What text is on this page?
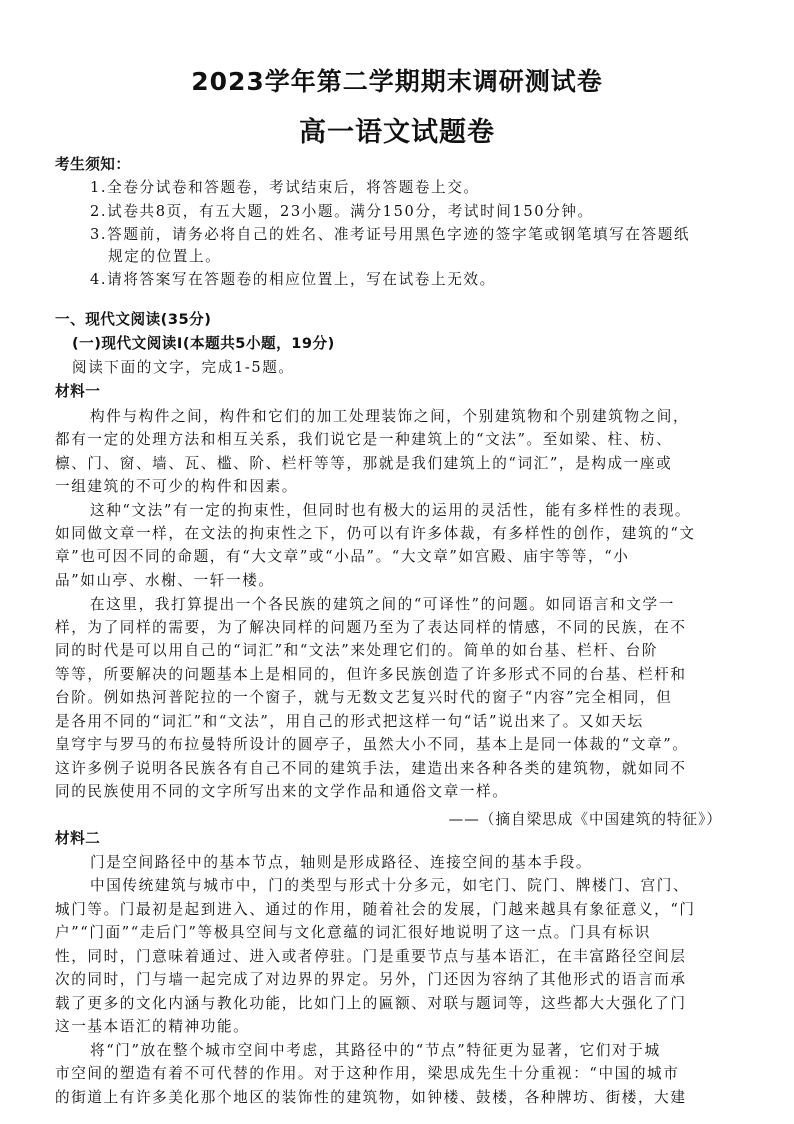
2023学年第二学期期末调研测试卷
高一语文试题卷
考生须知：
1.全卷分试卷和答题卷，考试结束后，将答题卷上交。
2.试卷共8页，有五大题，23小题。满分150分，考试时间150分钟。
3.答题前，请务必将自己的姓名、准考证号用黑色字迹的签字笔或钢笔填写在答题纸
规定的位置上。
4.请将答案写在答题卷的相应位置上，写在试卷上无效。
一、现代文阅读(35分)
(一)现代文阅读Ⅰ(本题共5小题，19分)
阅读下面的文字，完成1-5题。
材料一
构件与构件之间，构件和它们的加工处理装饰之间，个别建筑物和个别建筑物之间，
都有一定的处理方法和相互关系，我们说它是一种建筑上的“文法”。至如梁、柱、枋、
檩、门、窗、墙、瓦、槛、阶、栏杆等等，那就是我们建筑上的“词汇”，是构成一座或
一组建筑的不可少的构件和因素。
这种“文法”有一定的拘束性，但同时也有极大的运用的灵活性，能有多样性的表现。
如同做文章一样，在文法的拘束性之下，仍可以有许多体裁，有多样性的创作，建筑的“文
章”也可因不同的命题，有“大文章”或“小品”。“大文章”如宫殿、庙宇等等，“小
品”如山亭、水榭、一轩一楼。
在这里，我打算提出一个各民族的建筑之间的“可译性”的问题。如同语言和文学一
样，为了同样的需要，为了解决同样的问题乃至为了表达同样的情感，不同的民族，在不
同的时代是可以用自己的“词汇”和“文法”来处理它们的。简单的如台基、栏杆、台阶
等等，所要解决的问题基本上是相同的，但许多民族创造了许多形式不同的台基、栏杆和
台阶。例如热河普陀拉的一个窗子，就与无数文艺复兴时代的窗子“内容”完全相同，但
是各用不同的“词汇”和“文法”，用自己的形式把这样一句“话”说出来了。又如天坛
皇穹宇与罗马的布拉曼特所设计的圆亭子，虽然大小不同，基本上是同一体裁的“文章”。
这许多例子说明各民族各有自己不同的建筑手法，建造出来各种各类的建筑物，就如同不
同的民族使用不同的文字所写出来的文学作品和通俗文章一样。
——（摘自梁思成《中国建筑的特征》）
材料二
门是空间路径中的基本节点，轴则是形成路径、连接空间的基本手段。
中国传统建筑与城市中，门的类型与形式十分多元，如宅门、院门、牌楼门、宫门、
城门等。门最初是起到进入、通过的作用，随着社会的发展，门越来越具有象征意义，“门
户”“门面”“走后门”等极具空间与文化意蕴的词汇很好地说明了这一点。门具有标识
性，同时，门意味着通过、进入或者停驻。门是重要节点与基本语汇，在丰富路径空间层
次的同时，门与墙一起完成了对边界的界定。另外，门还因为容纳了其他形式的语言而承
载了更多的文化内涵与教化功能，比如门上的匾额、对联与题词等，这些都大大强化了门
这一基本语汇的精神功能。
将“门”放在整个城市空间中考虑，其路径中的“节点”特征更为显著，它们对于城
市空间的塑造有着不可代替的作用。对于这种作用，梁思成先生十分重视：“中国的城市
的街道上有许多美化那个地区的装饰性的建筑物，如钟楼、鼓楼，各种牌坊、街楼，大建
